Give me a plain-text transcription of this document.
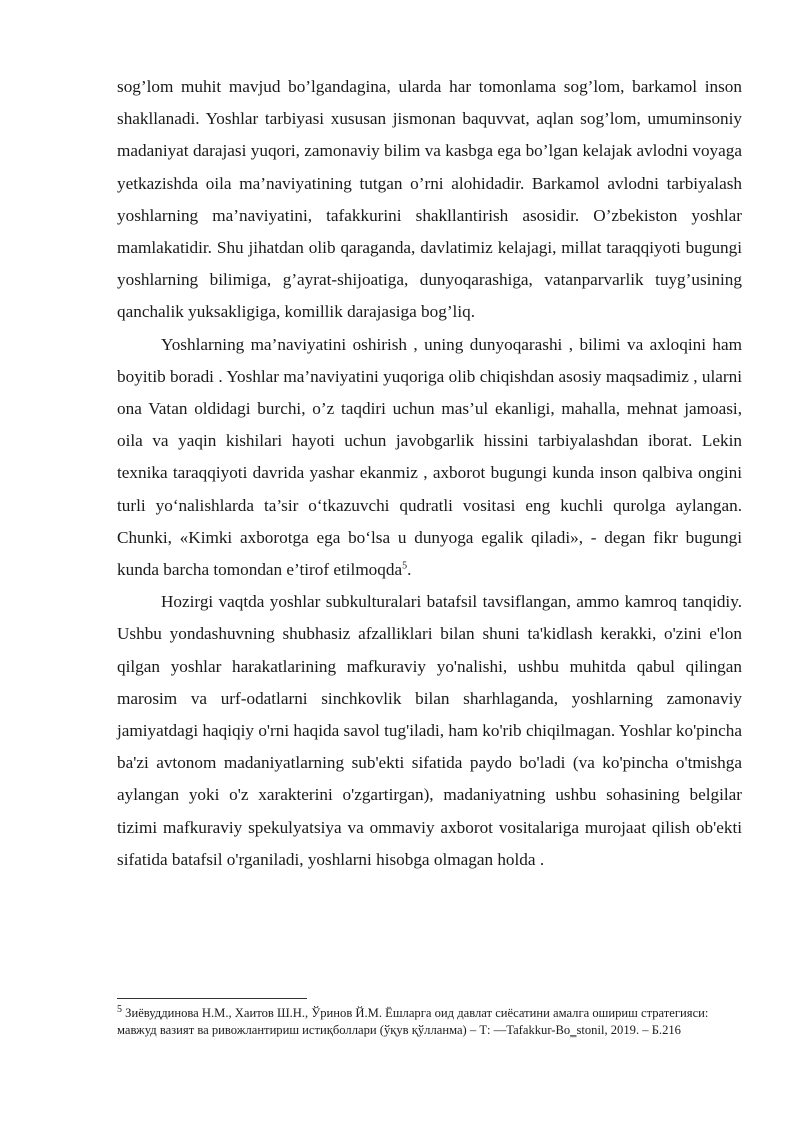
sog’lom muhit mavjud bo’lgandagina, ularda har tomonlama sog’lom, barkamol inson shakllanadi. Yoshlar tarbiyasi xususan jismonan baquvvat, aqlan sog’lom, umuminsoniy madaniyat darajasi yuqori, zamonaviy bilim va kasbga ega bo’lgan kelajak avlodni voyaga yetkazishda oila ma’naviyatining tutgan o’rni alohidadir. Barkamol avlodni tarbiyalash yoshlarning ma’naviyatini, tafakkurini shakllantirish asosidir. O’zbekiston yoshlar mamlakatidir. Shu jihatdan olib qaraganda, davlatimiz kelajagi, millat taraqqiyoti bugungi yoshlarning bilimiga, g’ayrat-shijoatiga, dunyoqarashiga, vatanparvarlik tuyg’usining qanchalik yuksakligiga, komillik darajasiga bog’liq.

Yoshlarning ma’naviyatini oshirish , uning dunyoqarashi , bilimi va axloqini ham boyitib boradi . Yoshlar ma’naviyatini yuqoriga olib chiqishdan asosiy maqsadimiz , ularni ona Vatan oldidagi burchi, o’z taqdiri uchun mas’ul ekanligi, mahalla, mehnat jamoasi, oila va yaqin kishilari hayoti uchun javobgarlik hissini tarbiyalashdan iborat. Lekin texnika taraqqiyoti davrida yashar ekanmiz , axborot bugungi kunda inson qalbiva ongini turli yo‘nalishlarda ta’sir o‘tkazuvchi qudratli vositasi eng kuchli qurolga aylangan. Chunki, «Kimki axborotga ega bo‘lsa u dunyoga egalik qiladi», - degan fikr bugungi kunda barcha tomondan e’tirof etilmoqda$^5$.

Hozirgi vaqtda yoshlar subkulturalari batafsil tavsiflangan, ammo kamroq tanqidiy. Ushbu yondashuvning shubhasiz afzalliklari bilan shuni ta'kidlash kerakki, o'zini e'lon qilgan yoshlar harakatlarining mafkuraviy yo'nalishi, ushbu muhitda qabul qilingan marosim va urf-odatlarni sinchkovlik bilan sharhlaganda, yoshlarning zamonaviy jamiyatdagi haqiqiy o'rni haqida savol tug'iladi, ham ko'rib chiqilmagan. Yoshlar ko'pincha ba'zi avtonom madaniyatlarning sub'ekti sifatida paydo bo'ladi (va ko'pincha o'tmishga aylangan yoki o'z xarakterini o'zgartirgan), madaniyatning ushbu sohasining belgilar tizimi mafkuraviy spekulyatsiya va ommaviy axborot vositalariga murojaat qilish ob'ekti sifatida batafsil o'rganiladi, yoshlarni hisobga olmagan holda .

$^5$ Зиёвуддинова Н.М., Хаитов Ш.Н., Ўринов Й.М. Ёшларга оид давлат сиёсатини амалга ошириш стратегияси: мавжуд вазият ва ривожлантириш истиқболлари (ўқув қўлланма) – Т: ―Tafakkur-Bo‗stonil, 2019. – Б.216
